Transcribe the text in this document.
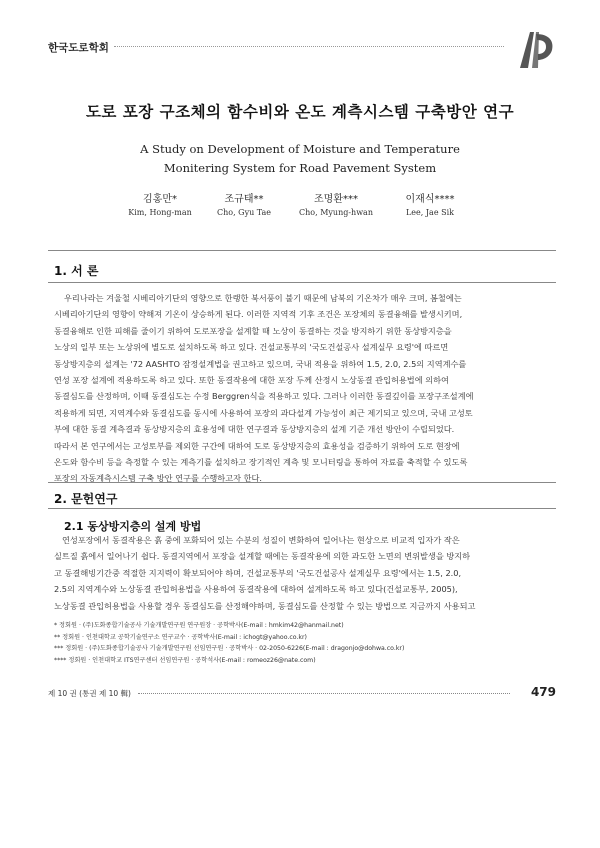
한국도로학회
도로 포장 구조체의 함수비와 온도 계측시스템 구축방안 연구
A Study on Development of Moisture and Temperature
Monitering System for Road Pavement System
김홍만*
Kim, Hong-man
조규태**
Cho, Gyu Tae
조명환***
Cho, Myung-hwan
이재식****
Lee, Jae Sik
1. 서 론
우리나라는 겨울철 시베리아기단의 영향으로 한랭한 북서풍이 불기 때문에 남북의 기온차가 매우 크며, 봄철에는
시베리아기단의 영향이 약해져 기온이 상승하게 된다. 이러한 지역적 기후 조건은 포장체의 동결융해를 발생시키며,
동결융해로 인한 피해를 줄이기 위하여 도로포장을 설계할 때 노상이 동결하는 것을 방지하기 위한 동상방지층을
노상의 일부 또는 노상위에 별도로 설치하도록 하고 있다. 건설교통부의 '국도건설공사 설계실무 요령'에 따르면
동상방지층의 설계는 '72 AASHTO 잠정설계법을 권고하고 있으며, 국내 적용을 위하여 1.5, 2.0, 2.5의 지역계수를
연성 포장 설계에 적용하도록 하고 있다. 또한 동결작용에 대한 포장 두께 산정시 노상동결 관입허용법에 의하여
동결심도를 산정하며, 이때 동결심도는 수정 Berggren식을 적용하고 있다. 그러나 이러한 동결깊이를 포장구조설계에
적용하게 되면, 지역계수와 동결심도를 동시에 사용하여 포장의 과다설계 가능성이 최근 제기되고 있으며, 국내 고성토
부에 대한 동결 계측결과 동상방지층의 효용성에 대한 연구결과 동상방지층의 설계 기준 개선 방안이 수립되었다.
따라서 본 연구에서는 고성토부를 제외한 구간에 대하여 도로 동상방지층의 효용성을 검증하기 위하여 도로 현장에
온도와 함수비 등을 측정할 수 있는 계측기를 설치하고 장기적인 계측 및 모니터링을 통하여 자료를 축적할 수 있도록
포장의 자동계측시스템 구축 방안 연구를 수행하고자 한다.
2. 문헌연구
2.1 동상방지층의 설계 방법
연성포장에서 동결작용은 흙 중에 포화되어 있는 수분의 성질이 변화하여 일어나는 현상으로 비교적 입자가 작은
실트질 흙에서 일어나기 쉽다. 동결지역에서 포장을 설계할 때에는 동결작용에 의한 과도한 노면의 변위발생을 방지하
고 동결해빙기간중 적절한 지지력이 확보되어야 하며, 건설교통부의 '국도건설공사 설계실무 요령'에서는 1.5, 2.0,
2.5의 지역계수와 노상동결 관입허용법을 사용하여 동결작용에 대하여 설계하도록 하고 있다(건설교통부, 2005),
노상동결 관입허용법을 사용할 경우 동결심도를 산정해야하며, 동결심도를 산정할 수 있는 방법으로 지금까지 사용되고
* 정회원 · (주)도화종합기술공사 기술개발연구원 연구원장 · 공학박사(E-mail : hmkim42@hanmail.net)
** 정회원 · 인천대학교 공학기술연구소 연구교수 · 공학박사(E-mail : ichogt@yahoo.co.kr)
*** 정회원 · (주)도화종합기술공사 기술개발연구원 선임연구원 · 공학박사 · 02-2050-6226(E-mail : dragonjo@dohwa.co.kr)
**** 정회원 · 인천대학교 ITS연구센터 선임연구원 · 공학석사(E-mail : romeoz26@nate.com)
제 10 권 (통권 제 10 輯)	479
